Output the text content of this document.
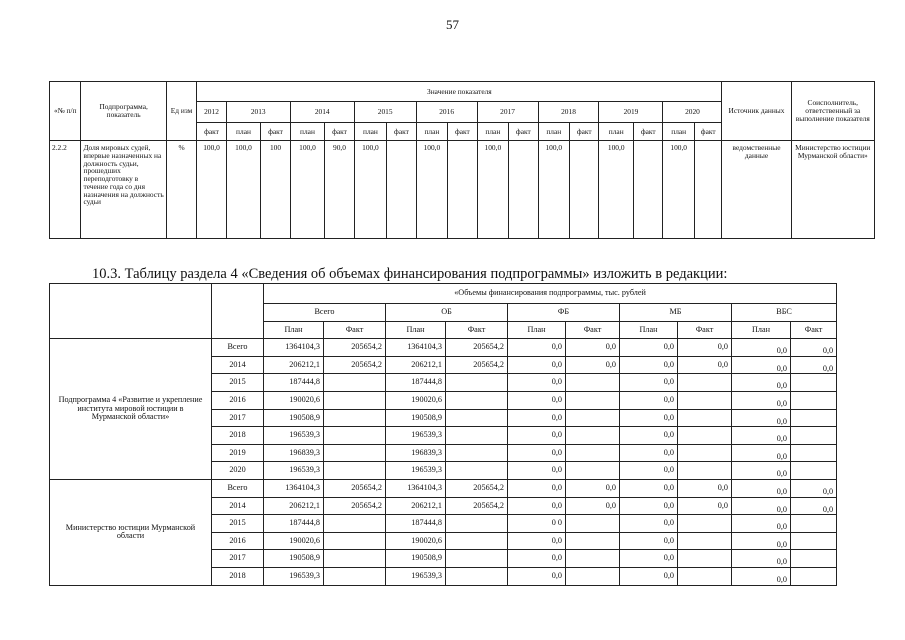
57
«№ п/п	Подпрограмма, показатель	Ед изм	Значение показателя																	Источник данных	Соисполнитель, ответственный за выполнение показателя
			2012	2013		2014		2015		2016		2017		2018		2019		2020			
			факт	план	факт	план	факт	план	факт	план	факт	план	факт	план	факт	план	факт	план	факт		
2.2.2	Доля мировых судей, впервые назначенных на должность судьи, прошедших переподготовку в течение года со дня назначения на должность судьи	%	100,0	100,0	100	100,0	90,0	100,0		100,0		100,0		100,0		100,0		100,0		ведомственные данные	Министерство юстиции Мурманской области»

10.3. Таблицу раздела 4 «Сведения об объемах финансирования подпрограммы» изложить в редакции:

		«Объемы финансирования подпрограммы, тыс. рублей									
		Всего		ОБ		ФБ		МБ		ВБС	
		План	Факт	План	Факт	План	Факт	План	Факт	План	Факт
Подпрограмма 4 «Развитие и укрепление института мировой юстиции в Мурманской области»	Всего	1364104,3	205654,2	1364104,3	205654,2	0,0	0,0	0,0	0,0	0,0	0,0
	2014	206212,1	205654,2	206212,1	205654,2	0,0	0,0	0,0	0,0	0,0	0,0
	2015	187444,8		187444,8		0,0		0,0		0,0	
	2016	190020,6		190020,6		0,0		0,0		0,0	
	2017	190508,9		190508,9		0,0		0,0		0,0	
	2018	196539,3		196539,3		0,0		0,0		0,0	
	2019	196839,3		196839,3		0,0		0,0		0,0	
	2020	196539,3		196539,3		0,0		0,0		0,0	
Министерство юстиции Мурманской области	Всего	1364104,3	205654,2	1364104,3	205654,2	0,0	0,0	0,0	0,0	0,0	0,0
	2014	206212,1	205654,2	206212,1	205654,2	0,0	0,0	0,0	0,0	0,0	0,0
	2015	187444,8		187444,8		0 0		0,0		0,0	
	2016	190020,6		190020,6		0,0		0,0		0,0	
	2017	190508,9		190508,9		0,0		0,0		0,0	
	2018	196539,3		196539,3		0,0		0,0		0,0	
